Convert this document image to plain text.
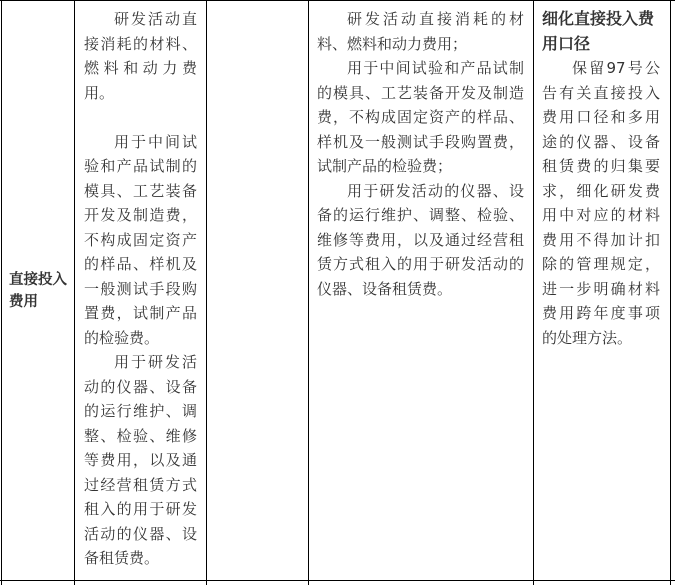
直接投入费用

研发活动直接消耗的材料、燃料和动力费用。

用于中间试验和产品试制的模具、工艺装备开发及制造费，不构成固定资产的样品、样机及一般测试手段购置费，试制产品的检验费。

用于研发活动的仪器、设备的运行维护、调整、检验、维修等费用，以及通过经营租赁方式租入的用于研发活动的仪器、设备租赁费。

研发活动直接消耗的材料、燃料和动力费用；

用于中间试验和产品试制的模具、工艺装备开发及制造费，不构成固定资产的样品、样机及一般测试手段购置费，试制产品的检验费；

用于研发活动的仪器、设备的运行维护、调整、检验、维修等费用，以及通过经营租赁方式租入的用于研发活动的仪器、设备租赁费。

细化直接投入费用口径

保留97号公告有关直接投入费用口径和多用途的仪器、设备租赁费的归集要求，细化研发费用中对应的材料费用不得加计扣除的管理规定，进一步明确材料费用跨年度事项的处理方法。
